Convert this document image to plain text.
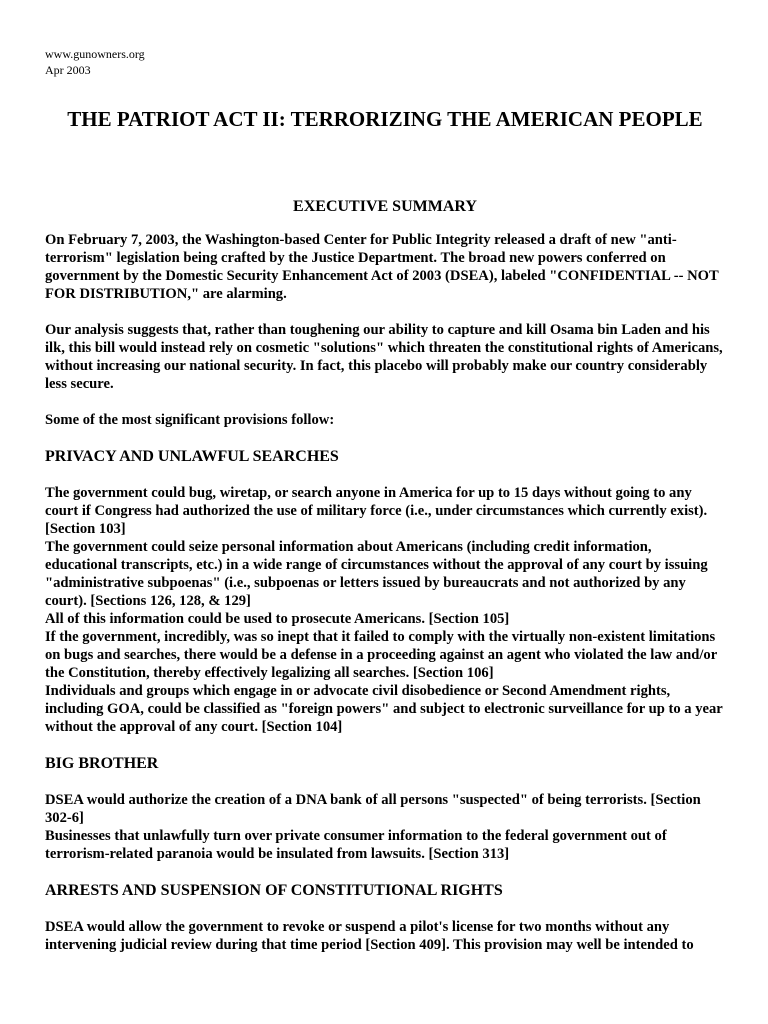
www.gunowners.org
Apr 2003
THE PATRIOT ACT II: TERRORIZING THE AMERICAN PEOPLE
EXECUTIVE SUMMARY

On February 7, 2003, the Washington-based Center for Public Integrity released a draft of new "anti-terrorism" legislation being crafted by the Justice Department. The broad new powers conferred on government by the Domestic Security Enhancement Act of 2003 (DSEA), labeled "CONFIDENTIAL -- NOT FOR DISTRIBUTION," are alarming.

Our analysis suggests that, rather than toughening our ability to capture and kill Osama bin Laden and his ilk, this bill would instead rely on cosmetic "solutions" which threaten the constitutional rights of Americans, without increasing our national security. In fact, this placebo will probably make our country considerably less secure.

Some of the most significant provisions follow:

PRIVACY AND UNLAWFUL SEARCHES

The government could bug, wiretap, or search anyone in America for up to 15 days without going to any court if Congress had authorized the use of military force (i.e., under circumstances which currently exist). [Section 103]

The government could seize personal information about Americans (including credit information, educational transcripts, etc.) in a wide range of circumstances without the approval of any court by issuing "administrative subpoenas" (i.e., subpoenas or letters issued by bureaucrats and not authorized by any court). [Sections 126, 128, & 129]

All of this information could be used to prosecute Americans. [Section 105]

If the government, incredibly, was so inept that it failed to comply with the virtually non-existent limitations on bugs and searches, there would be a defense in a proceeding against an agent who violated the law and/or the Constitution, thereby effectively legalizing all searches. [Section 106]

Individuals and groups which engage in or advocate civil disobedience or Second Amendment rights, including GOA, could be classified as "foreign powers" and subject to electronic surveillance for up to a year without the approval of any court. [Section 104]

BIG BROTHER

DSEA would authorize the creation of a DNA bank of all persons "suspected" of being terrorists. [Section 302-6]

Businesses that unlawfully turn over private consumer information to the federal government out of terrorism-related paranoia would be insulated from lawsuits. [Section 313]

ARRESTS AND SUSPENSION OF CONSTITUTIONAL RIGHTS

DSEA would allow the government to revoke or suspend a pilot's license for two months without any intervening judicial review during that time period [Section 409]. This provision may well be intended to
